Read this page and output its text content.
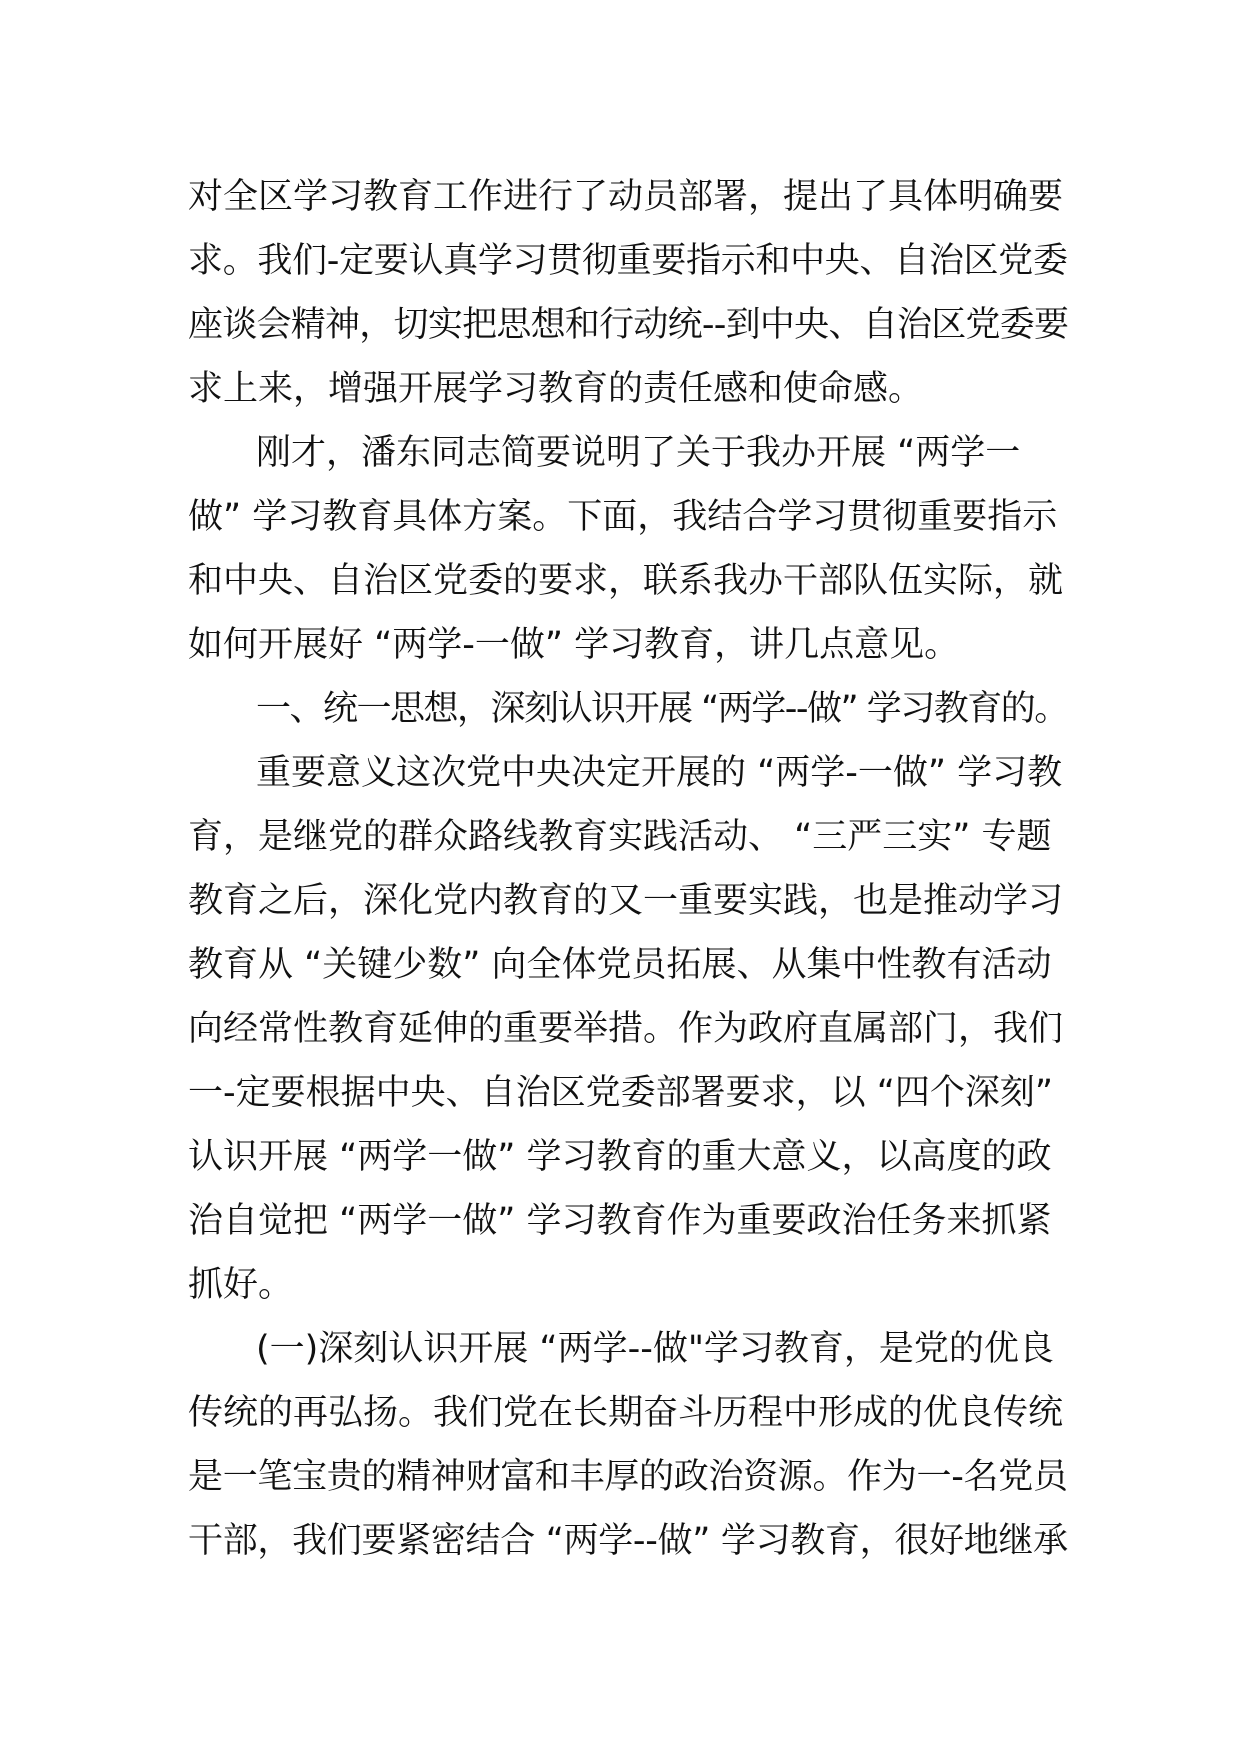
对全区学习教育工作进行了动员部署，提出了具体明确要
求。我们-定要认真学习贯彻重要指示和中央、自治区党委
座谈会精神，切实把思想和行动统--到中央、自治区党委要
求上来，增强开展学习教育的责任感和使命感。
刚才，潘东同志简要说明了关于我办开展 “两学一
做” 学习教育具体方案。下面，我结合学习贯彻重要指示
和中央、自治区党委的要求，联系我办干部队伍实际，就
如何开展好 “两学-一做” 学习教育，讲几点意见。
一、统一思想，深刻认识开展 “两学--做” 学习教育的。
重要意义这次党中央决定开展的 “两学-一做” 学习教
育，是继党的群众路线教育实践活动、 “三严三实” 专题
教育之后，深化党内教育的又一重要实践，也是推动学习
教育从 “关键少数” 向全体党员拓展、从集中性教有活动
向经常性教育延伸的重要举措。作为政府直属部门，我们
一-定要根据中央、自治区党委部署要求，以 “四个深刻”
认识开展 “两学一做” 学习教育的重大意义，以高度的政
治自觉把 “两学一做” 学习教育作为重要政治任务来抓紧
抓好。
(一)深刻认识开展 “两学--做"学习教育，是党的优良
传统的再弘扬。我们党在长期奋斗历程中形成的优良传统
是一笔宝贵的精神财富和丰厚的政治资源。作为一-名党员
干部，我们要紧密结合 “两学--做” 学习教育，很好地继承
